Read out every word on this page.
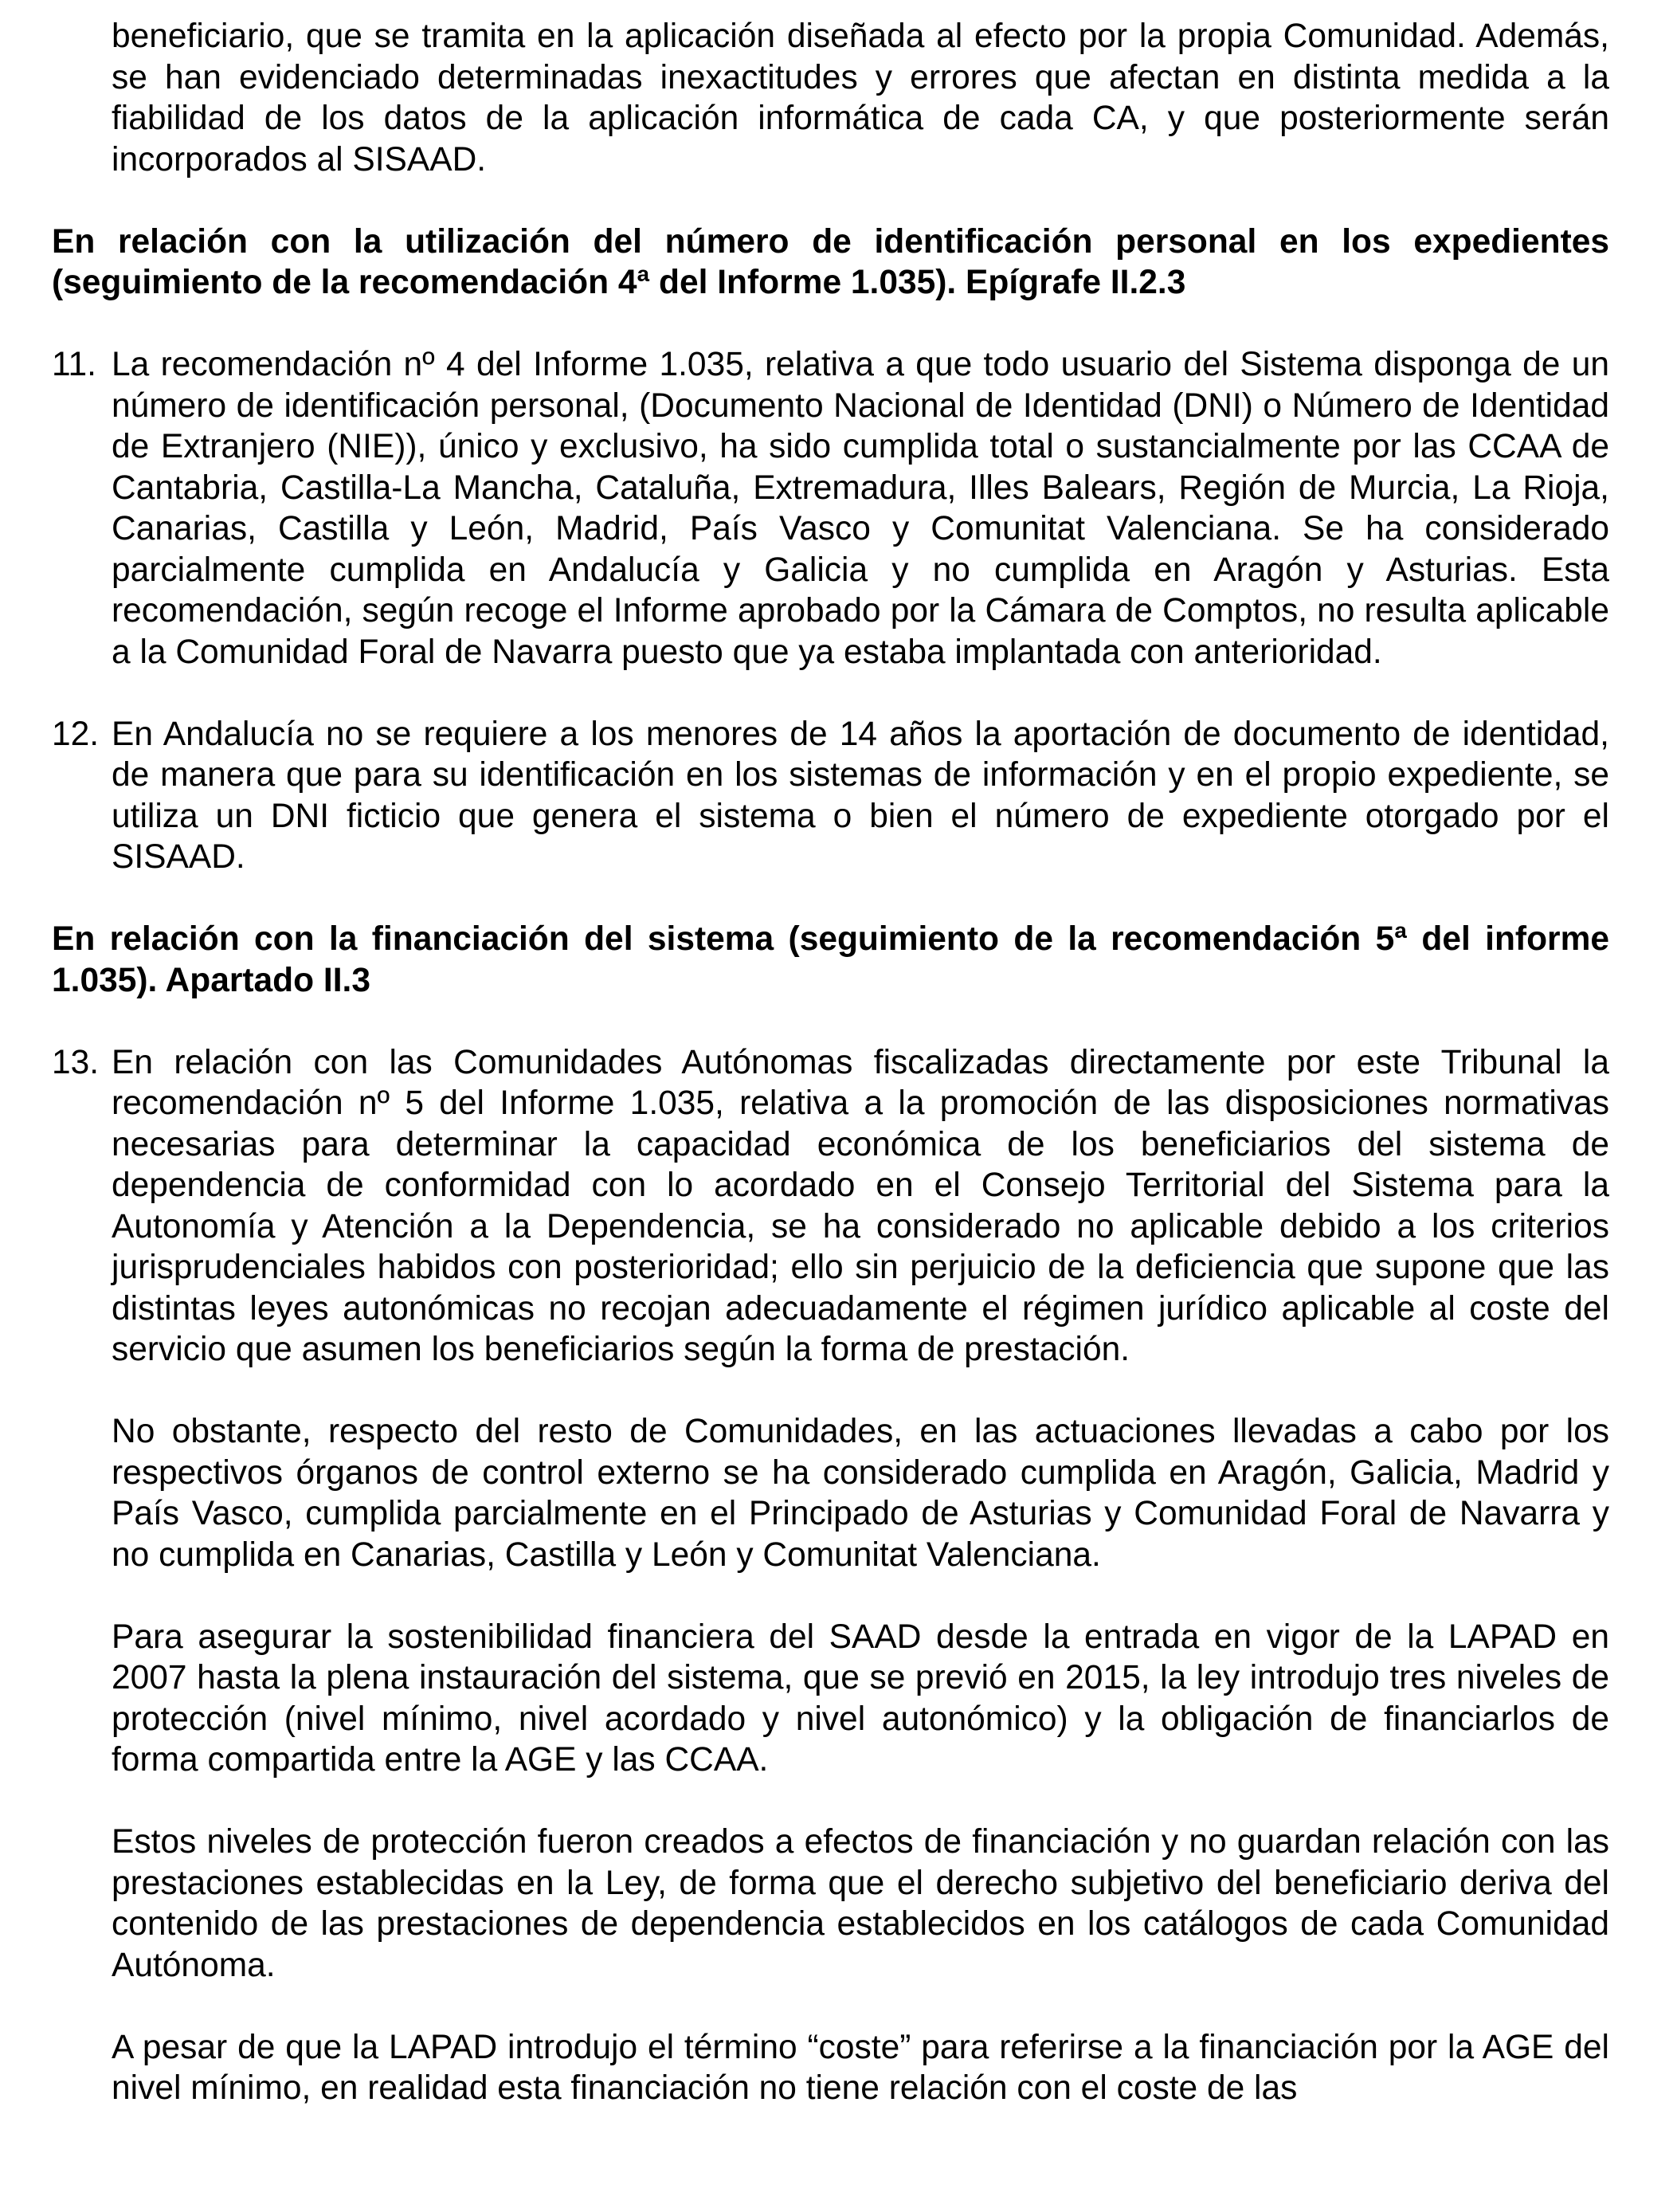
beneficiario, que se tramita en la aplicación diseñada al efecto por la propia Comunidad. Además, se han evidenciado determinadas inexactitudes y errores que afectan en distinta medida a la fiabilidad de los datos de la aplicación informática de cada CA, y que posteriormente serán incorporados al SISAAD.

En relación con la utilización del número de identificación personal en los expedientes (seguimiento de la recomendación 4ª del Informe 1.035). Epígrafe II.2.3

11. La recomendación nº 4 del Informe 1.035, relativa a que todo usuario del Sistema disponga de un número de identificación personal, (Documento Nacional de Identidad (DNI) o Número de Identidad de Extranjero (NIE)), único y exclusivo, ha sido cumplida total o sustancialmente por las CCAA de Cantabria, Castilla-La Mancha, Cataluña, Extremadura, Illes Balears, Región de Murcia, La Rioja, Canarias, Castilla y León, Madrid, País Vasco y Comunitat Valenciana. Se ha considerado parcialmente cumplida en Andalucía y Galicia y no cumplida en Aragón y Asturias. Esta recomendación, según recoge el Informe aprobado por la Cámara de Comptos, no resulta aplicable a la Comunidad Foral de Navarra puesto que ya estaba implantada con anterioridad.
12. En Andalucía no se requiere a los menores de 14 años la aportación de documento de identidad, de manera que para su identificación en los sistemas de información y en el propio expediente, se utiliza un DNI ficticio que genera el sistema o bien el número de expediente otorgado por el SISAAD.

En relación con la financiación del sistema (seguimiento de la recomendación 5ª del informe 1.035). Apartado II.3

13. En relación con las Comunidades Autónomas fiscalizadas directamente por este Tribunal la recomendación nº 5 del Informe 1.035, relativa a la promoción de las disposiciones normativas necesarias para determinar la capacidad económica de los beneficiarios del sistema de dependencia de conformidad con lo acordado en el Consejo Territorial del Sistema para la Autonomía y Atención a la Dependencia, se ha considerado no aplicable debido a los criterios jurisprudenciales habidos con posterioridad; ello sin perjuicio de la deficiencia que supone que las distintas leyes autonómicas no recojan adecuadamente el régimen jurídico aplicable al coste del servicio que asumen los beneficiarios según la forma de prestación.

No obstante, respecto del resto de Comunidades, en las actuaciones llevadas a cabo por los respectivos órganos de control externo se ha considerado cumplida en Aragón, Galicia, Madrid y País Vasco, cumplida parcialmente en el Principado de Asturias y Comunidad Foral de Navarra y no cumplida en Canarias, Castilla y León y Comunitat Valenciana.

Para asegurar la sostenibilidad financiera del SAAD desde la entrada en vigor de la LAPAD en 2007 hasta la plena instauración del sistema, que se previó en 2015, la ley introdujo tres niveles de protección (nivel mínimo, nivel acordado y nivel autonómico) y la obligación de financiarlos de forma compartida entre la AGE y las CCAA.

Estos niveles de protección fueron creados a efectos de financiación y no guardan relación con las prestaciones establecidas en la Ley, de forma que el derecho subjetivo del beneficiario deriva del contenido de las prestaciones de dependencia establecidos en los catálogos de cada Comunidad Autónoma.

A pesar de que la LAPAD introdujo el término “coste” para referirse a la financiación por la AGE del nivel mínimo, en realidad esta financiación no tiene relación con el coste de las
